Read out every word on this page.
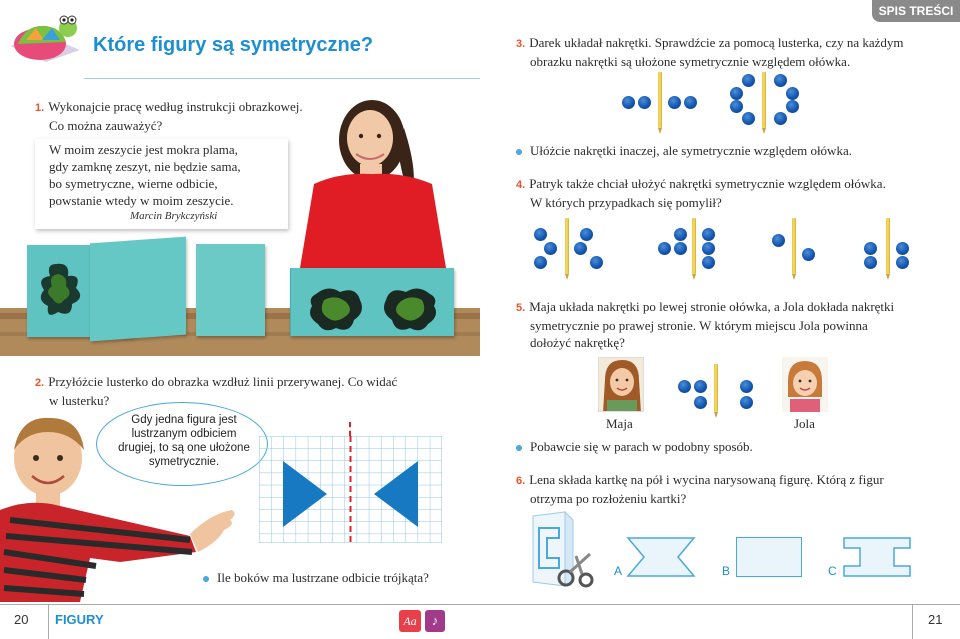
Które figury są symetryczne?
1. Wykonajcie pracę według instrukcji obrazkowej.
Co można zauważyć?
W moim zeszycie jest mokra plama,
gdy zamknę zeszyt, nie będzie sama,
bo symetryczne, wierne odbicie,
powstanie wtedy w moim zeszycie.
Marcin Brykczyński
2. Przyłóżcie lusterko do obrazka wzdłuż linii przerywanej. Co widać
w lusterku?
Gdy jedna figura jest
lustrzanym odbiciem
drugiej, to są one ułożone
symetrycznie.
Ile boków ma lustrzane odbicie trójkąta?
SPIS TREŚCI
3. Darek układał nakrętki. Sprawdźcie za pomocą lusterka, czy na każdym
obrazku nakrętki są ułożone symetrycznie względem ołówka.
Ułóżcie nakrętki inaczej, ale symetrycznie względem ołówka.
4. Patryk także chciał ułożyć nakrętki symetrycznie względem ołówka.
W których przypadkach się pomylił?
5. Maja układa nakrętki po lewej stronie ołówka, a Jola dokłada nakrętki
symetrycznie po prawej stronie. W którym miejscu Jola powinna
dołożyć nakrętkę?
Maja	Jola
Pobawcie się w parach w podobny sposób.
6. Lena składa kartkę na pół i wycina narysowaną figurę. Którą z figur
otrzyma po rozłożeniu kartki?
A	B	C
20 FIGURY	Aa	♪	21
